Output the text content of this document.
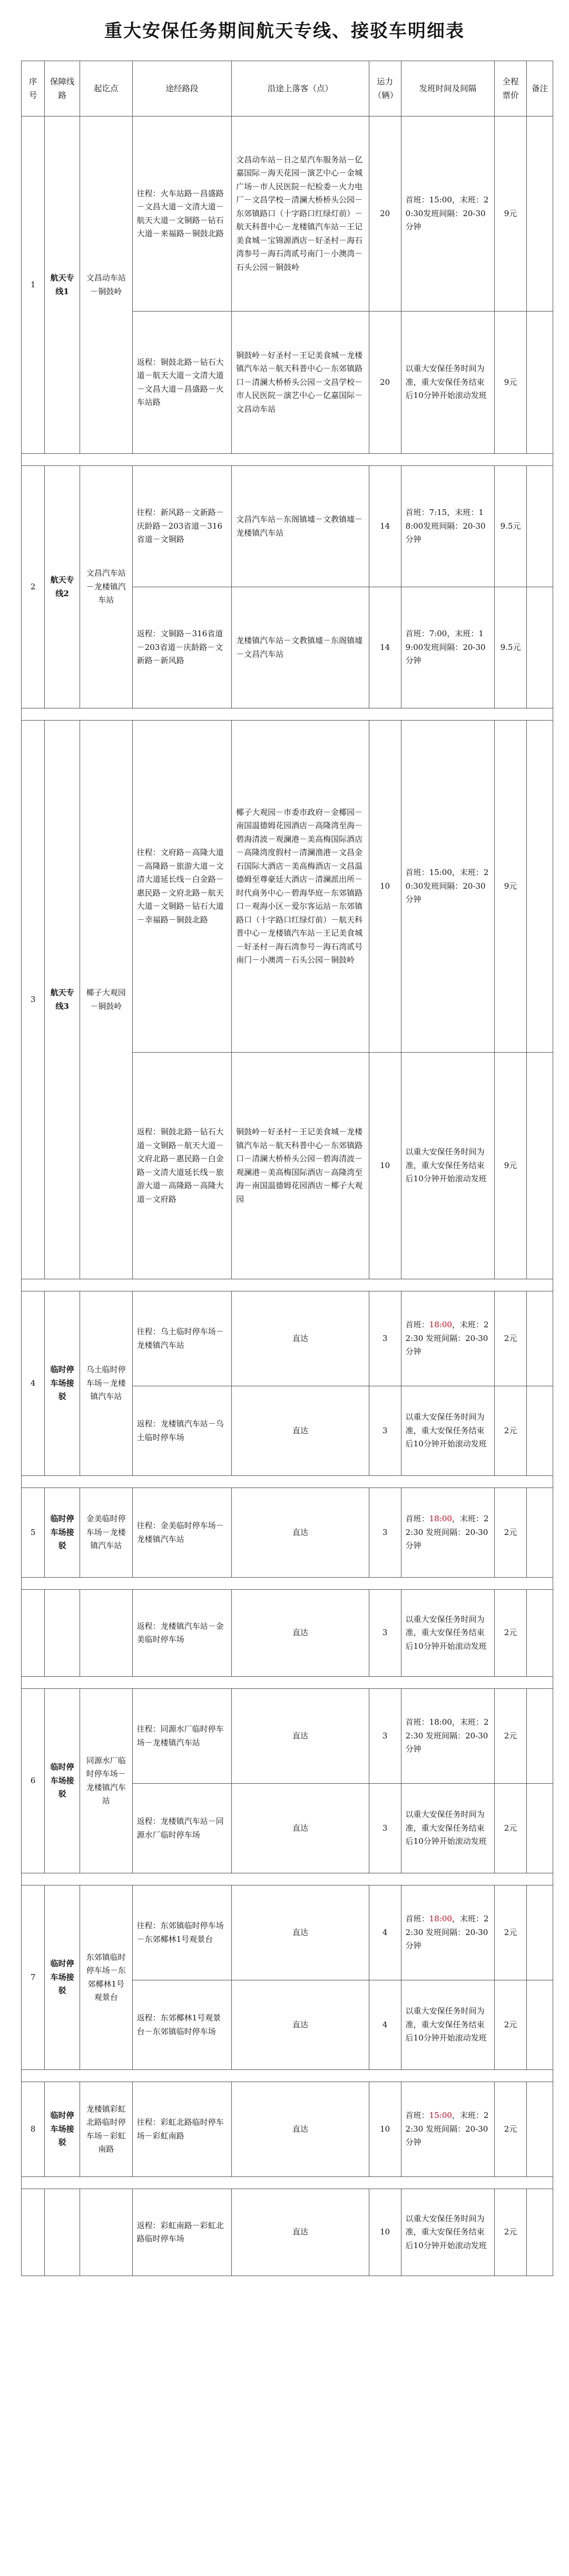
重大安保任务期间航天专线、接驳车明细表
序号	保障线路	起讫点	途经路段	沿途上落客（点）	运力（辆）	发班时间及间隔	全程票价	备注
1	航天专线1	文昌动车站－铜鼓岭	往程：火车站路－昌盛路－文昌大道－文清大道－航天大道－文铜路－钻石大道－来福路－铜鼓北路	文昌动车站－日之星汽车服务站－亿嘉国际－海天花园－演艺中心－金城广场－市人民医院－纪检委－火力电厂－文昌学校－清澜大桥桥头公园－东郊镇路口（十字路口红绿灯前）－航天科普中心－龙楼镇汽车站－王记美食城－宝锦源酒店－好圣村－海石湾参号－海石湾贰号南门－小澳湾－石头公园－铜鼓岭	20	首班：15:00，末班：20:30发班间隔：20-30分钟	9元	
			返程：铜鼓北路－钻石大道－航天大道－文清大道－文昌大道－昌盛路－火车站路	铜鼓岭－好圣村－王记美食城－龙楼镇汽车站－航天科普中心－东郊镇路口－清澜大桥桥头公园－文昌学校－市人民医院－演艺中心－亿嘉国际－文昌动车站	20	以重大安保任务时间为准，重大安保任务结束后10分钟开始滚动发班	9元	

2	航天专线2	文昌汽车站－龙楼镇汽车站	往程：新风路－文新路－庆龄路－203省道－316省道－文铜路	文昌汽车站－东阁镇墟－文教镇墟－龙楼镇汽车站	14	首班：7:15，末班：18:00发班间隔：20-30分钟	9.5元	
			返程：文铜路－316省道－203省道－庆龄路－文新路－新风路	龙楼镇汽车站－文教镇墟－东阁镇墟－文昌汽车站	14	首班：7:00，末班：19:00发班间隔：20-30分钟	9.5元	

3	航天专线3	椰子大观园－铜鼓岭	往程：文府路－高隆大道－高隆路－旅游大道－文清大道延长线－白金路－惠民路－文府北路－航天大道－文铜路－钻石大道－幸福路－铜鼓北路	椰子大观园－市委市政府－金椰园－南国温德姆花园酒店－高隆湾至海－碧海清波－观澜港－美高梅国际酒店－高隆湾度假村－清澜渔港－文昌金石国际大酒店－美高梅酒店－文昌温德姆至尊豪廷大酒店－清澜派出所－时代商务中心－碧海华庭－东郊镇路口－观海小区－爱尔客运站－东郊镇路口（十字路口红绿灯前）－航天科普中心－龙楼镇汽车站－王记美食城－好圣村－海石湾参号－海石湾贰号南门－小澳湾－石头公园－铜鼓岭	10	首班：15:00，末班：20:30发班间隔：20-30分钟	9元	
			返程：铜鼓北路－钻石大道－文铜路－航天大道－文府北路－惠民路－白金路－文清大道延长线－旅游大道－高隆路－高隆大道－文府路	铜鼓岭－好圣村－王记美食城－龙楼镇汽车站－航天科普中心－东郊镇路口－清澜大桥桥头公园－碧海清波－观澜港－美高梅国际酒店－高隆湾至海－南国温德姆花园酒店－椰子大观园	10	以重大安保任务时间为准，重大安保任务结束后10分钟开始滚动发班	9元	

4	临时停车场接驳	乌土临时停车场－龙楼镇汽车站	往程：乌土临时停车场－龙楼镇汽车站	直达	3	首班：18:00，末班：22:30 发班间隔：20-30分钟	2元	
			返程：龙楼镇汽车站－乌土临时停车场	直达	3	以重大安保任务时间为准，重大安保任务结束后10分钟开始滚动发班	2元	

5	临时停车场接驳	金美临时停车场－龙楼镇汽车站	往程：金美临时停车场－龙楼镇汽车站	直达	3	首班：18:00，末班：22:30 发班间隔：20-30分钟	2元	

			返程：龙楼镇汽车站－金美临时停车场	直达	3	以重大安保任务时间为准，重大安保任务结束后10分钟开始滚动发班	2元	

6	临时停车场接驳	同源水厂临时停车场－龙楼镇汽车站	往程：同源水厂临时停车场－龙楼镇汽车站	直达	3	首班：18:00，末班：22:30 发班间隔：20-30分钟	2元	
			返程：龙楼镇汽车站－同源水厂临时停车场	直达	3	以重大安保任务时间为准，重大安保任务结束后10分钟开始滚动发班	2元	

7	临时停车场接驳	东郊镇临时停车场－东郊椰林1号观景台	往程：东郊镇临时停车场－东郊椰林1号观景台	直达	4	首班：18:00，末班：22:30 发班间隔：20-30分钟	2元	
			返程：东郊椰林1号观景台－东郊镇临时停车场	直达	4	以重大安保任务时间为准，重大安保任务结束后10分钟开始滚动发班	2元	

8	临时停车场接驳	龙楼镇彩虹北路临时停车场－彩虹南路	往程：彩虹北路临时停车场－彩虹南路	直达	10	首班：15:00，末班：22:30 发班间隔：20-30分钟	2元	

			返程：彩虹南路－彩虹北路临时停车场	直达	10	以重大安保任务时间为准，重大安保任务结束后10分钟开始滚动发班	2元	
